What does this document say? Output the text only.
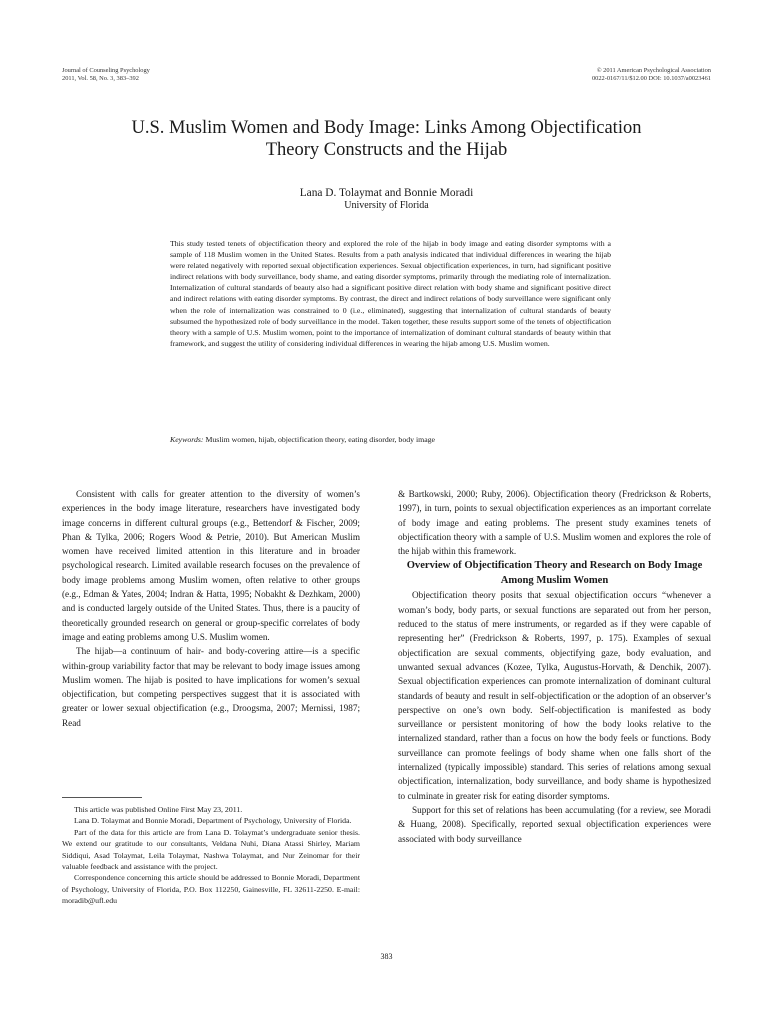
Journal of Counseling Psychology
2011, Vol. 58, No. 3, 383–392
© 2011 American Psychological Association
0022-0167/11/$12.00 DOI: 10.1037/a0023461
U.S. Muslim Women and Body Image: Links Among Objectification
Theory Constructs and the Hijab
Lana D. Tolaymat and Bonnie Moradi
University of Florida

This study tested tenets of objectification theory and explored the role of the hijab in body image and eating disorder symptoms with a sample of 118 Muslim women in the United States. Results from a path analysis indicated that individual differences in wearing the hijab were related negatively with reported sexual objectification experiences. Sexual objectification experiences, in turn, had significant positive indirect relations with body surveillance, body shame, and eating disorder symptoms, primarily through the mediating role of internalization. Internalization of cultural standards of beauty also had a significant positive direct relation with body shame and significant positive direct and indirect relations with eating disorder symptoms. By contrast, the direct and indirect relations of body surveillance were significant only when the role of internalization was constrained to 0 (i.e., eliminated), suggesting that internalization of cultural standards of beauty subsumed the hypothesized role of body surveillance in the model. Taken together, these results support some of the tenets of objectification theory with a sample of U.S. Muslim women, point to the importance of internalization of dominant cultural standards of beauty within that framework, and suggest the utility of considering individual differences in wearing the hijab among U.S. Muslim women.

Keywords: Muslim women, hijab, objectification theory, eating disorder, body image

Consistent with calls for greater attention to the diversity of women’s experiences in the body image literature, researchers have investigated body image concerns in different cultural groups (e.g., Bettendorf & Fischer, 2009; Phan & Tylka, 2006; Rogers Wood & Petrie, 2010). But American Muslim women have received limited attention in this literature and in broader psychological research. Limited available research focuses on the prevalence of body image problems among Muslim women, often relative to other groups (e.g., Edman & Yates, 2004; Indran & Hatta, 1995; Nobakht & Dezhkam, 2000) and is conducted largely outside of the United States. Thus, there is a paucity of theoretically grounded research on general or group-specific correlates of body image and eating problems among U.S. Muslim women.

The hijab—a continuum of hair- and body-covering attire—is a specific within-group variability factor that may be relevant to body image issues among Muslim women. The hijab is posited to have implications for women’s sexual objectification, but competing perspectives suggest that it is associated with greater or lower sexual objectification (e.g., Droogsma, 2007; Mernissi, 1987; Read

& Bartkowski, 2000; Ruby, 2006). Objectification theory (Fredrickson & Roberts, 1997), in turn, points to sexual objectification experiences as an important correlate of body image and eating problems. The present study examines tenets of objectification theory with a sample of U.S. Muslim women and explores the role of the hijab within this framework.

Overview of Objectification Theory and Research on Body Image Among Muslim Women

Objectification theory posits that sexual objectification occurs “whenever a woman’s body, body parts, or sexual functions are separated out from her person, reduced to the status of mere instruments, or regarded as if they were capable of representing her” (Fredrickson & Roberts, 1997, p. 175). Examples of sexual objectification are sexual comments, objectifying gaze, body evaluation, and unwanted sexual advances (Kozee, Tylka, Augustus-Horvath, & Denchik, 2007). Sexual objectification experiences can promote internalization of dominant cultural standards of beauty and result in self-objectification or the adoption of an observer’s perspective on one’s own body. Self-objectification is manifested as body surveillance or persistent monitoring of how the body looks relative to the internalized standard, rather than a focus on how the body feels or functions. Body surveillance can promote feelings of body shame when one falls short of the internalized (typically impossible) standard. This series of relations among sexual objectification, internalization, body surveillance, and body shame is hypothesized to culminate in greater risk for eating disorder symptoms.

Support for this set of relations has been accumulating (for a review, see Moradi & Huang, 2008). Specifically, reported sexual objectification experiences were associated with body surveillance

This article was published Online First May 23, 2011.

Lana D. Tolaymat and Bonnie Moradi, Department of Psychology, University of Florida.

Part of the data for this article are from Lana D. Tolaymat’s undergraduate senior thesis. We extend our gratitude to our consultants, Veldana Nuhi, Diana Atassi Shirley, Mariam Siddiqui, Asad Tolaymat, Leila Tolaymat, Nashwa Tolaymat, and Nur Zeinomar for their valuable feedback and assistance with the project.

Correspondence concerning this article should be addressed to Bonnie Moradi, Department of Psychology, University of Florida, P.O. Box 112250, Gainesville, FL 32611-2250. E-mail: moradib@ufl.edu

383
